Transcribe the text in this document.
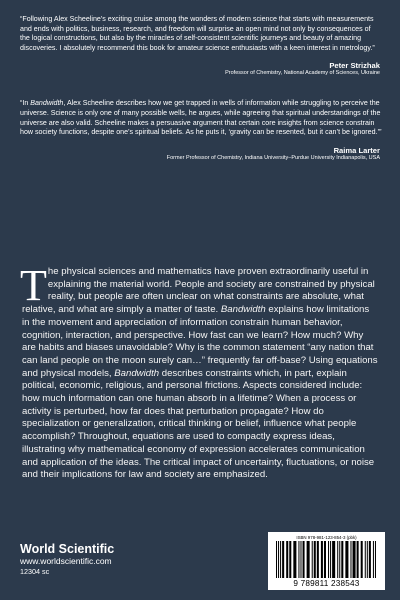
“Following Alex Scheeline’s exciting cruise among the wonders of modern science that starts with measurements and ends with politics, business, research, and freedom will surprise an open mind not only by consequences of the logical constructions, but also by the miracles of self-consistent scientific journeys and beauty of amazing discoveries. I absolutely recommend this book for amateur science enthusiasts with a keen interest in metrology.”

Peter Strizhak

Professor of Chemistry, National Academy of Sciences, Ukraine

“In Bandwidth, Alex Scheeline describes how we get trapped in wells of information while struggling to perceive the universe. Science is only one of many possible wells, he argues, while agreeing that spiritual understandings of the universe are also valid. Scheeline makes a persuasive argument that certain core insights from science constrain how society functions, despite one’s spiritual beliefs. As he puts it, ‘gravity can be resented, but it can’t be ignored.’”

Raima Larter

Former Professor of Chemistry, Indiana University–Purdue University Indianapolis, USA

The physical sciences and mathematics have proven extraordinarily useful in explaining the material world. People and society are constrained by physical reality, but people are often unclear on what constraints are absolute, what relative, and what are simply a matter of taste. Bandwidth explains how limitations in the movement and appreciation of information constrain human behavior, cognition, interaction, and perspective. How fast can we learn? How much? Why are habits and biases unavoidable? Why is the common statement “any nation that can land people on the moon surely can…” frequently far off-base? Using equations and physical models, Bandwidth describes constraints which, in part, explain political, economic, religious, and personal frictions. Aspects considered include: how much information can one human absorb in a lifetime? When a process or activity is perturbed, how far does that perturbation propagate? How do specialization or generalization, critical thinking or belief, influence what people accomplish? Throughout, equations are used to compactly express ideas, illustrating why mathematical economy of expression accelerates communication and application of the ideas. The critical impact of uncertainty, fluctuations, or noise and their implications for law and society are emphasized.

World Scientific

www.worldscientific.com

12304 sc

ISBN 978-981-123-854-3 (pbk)

9 789811 238543
